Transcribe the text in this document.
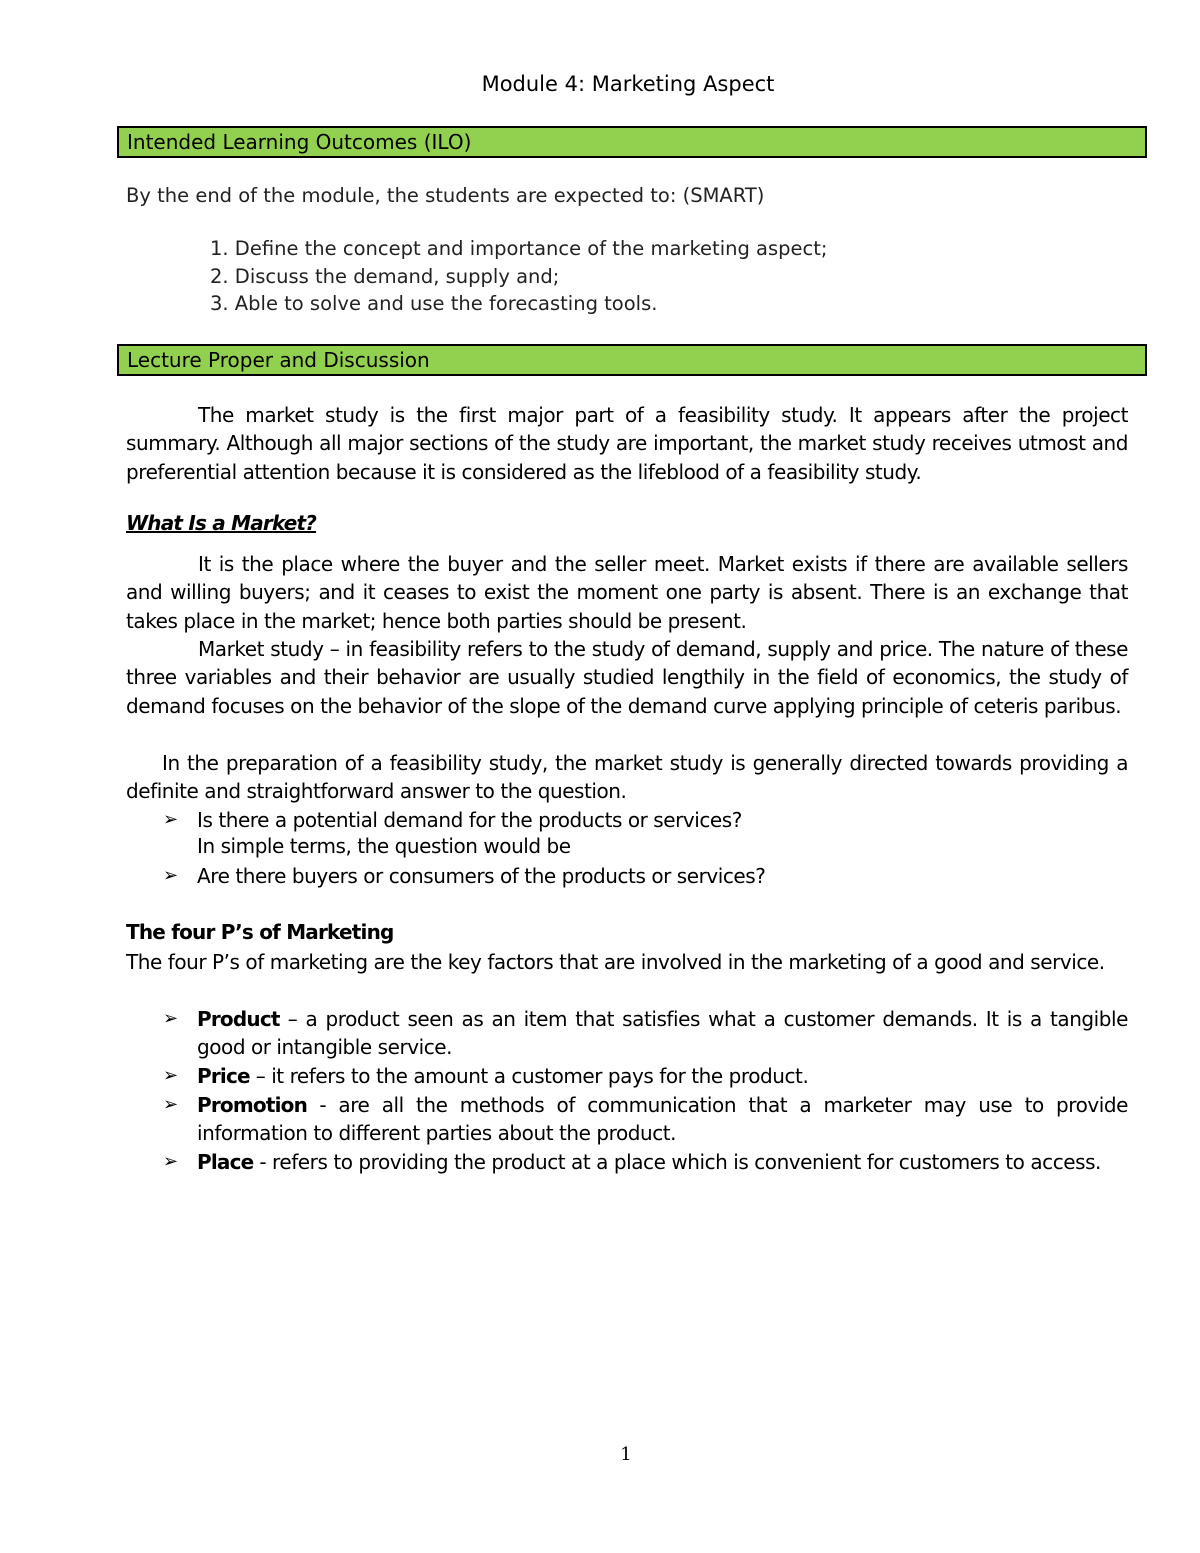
Module 4: Marketing Aspect
Intended Learning Outcomes (ILO)
By the end of the module, the students are expected to: (SMART)
1. Define the concept and importance of the marketing aspect;
2. Discuss the demand, supply and;
3. Able to solve and use the forecasting tools.
Lecture Proper and Discussion
The market study is the first major part of a feasibility study. It appears after the project summary. Although all major sections of the study are important, the market study receives utmost and preferential attention because it is considered as the lifeblood of a feasibility study.
What Is a Market?
It is the place where the buyer and the seller meet. Market exists if there are available sellers and willing buyers; and it ceases to exist the moment one party is absent. There is an exchange that takes place in the market; hence both parties should be present.
Market study – in feasibility refers to the study of demand, supply and price. The nature of these three variables and their behavior are usually studied lengthily in the field of economics, the study of demand focuses on the behavior of the slope of the demand curve applying principle of ceteris paribus.
In the preparation of a feasibility study, the market study is generally directed towards providing a definite and straightforward answer to the question.
➢ Is there a potential demand for the products or services?
In simple terms, the question would be
➢ Are there buyers or consumers of the products or services?
The four P’s of Marketing
The four P’s of marketing are the key factors that are involved in the marketing of a good and service.
➢ Product – a product seen as an item that satisfies what a customer demands. It is a tangible good or intangible service.
➢ Price – it refers to the amount a customer pays for the product.
➢ Promotion - are all the methods of communication that a marketer may use to provide information to different parties about the product.
➢ Place - refers to providing the product at a place which is convenient for customers to access.
1
